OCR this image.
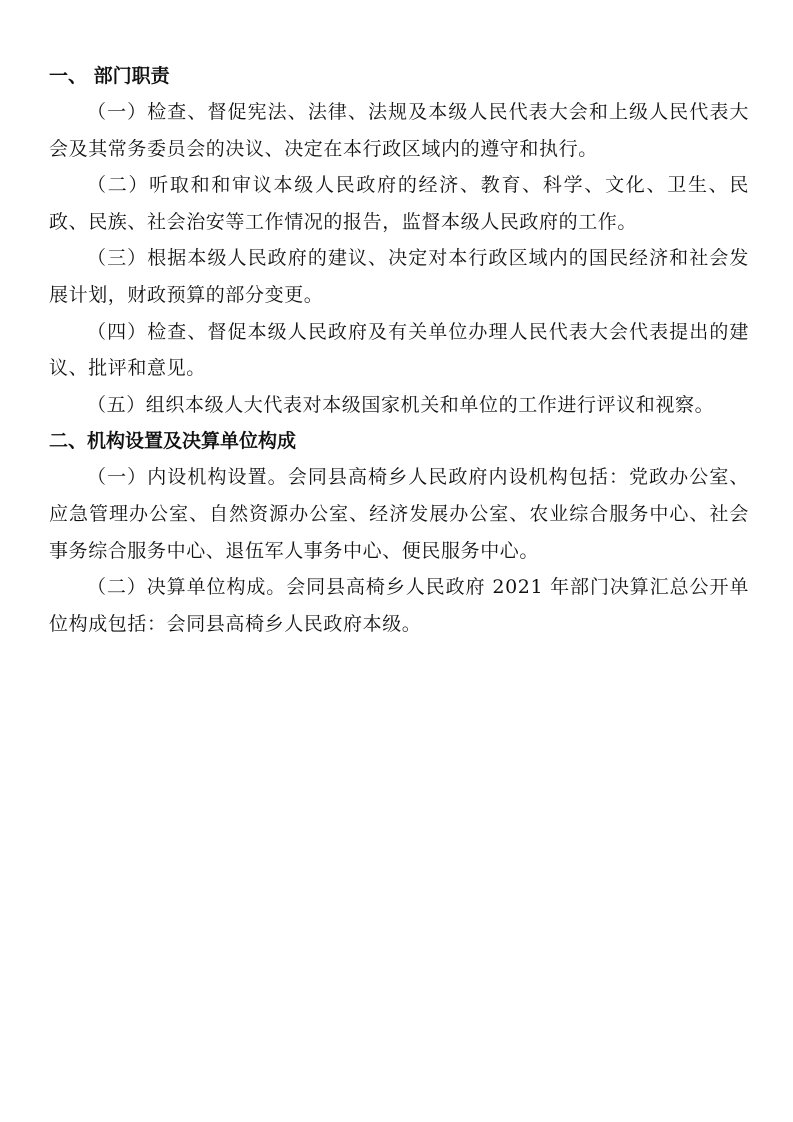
一、 部门职责

（一）检查、督促宪法、法律、法规及本级人民代表大会和上级人民代表大会及其常务委员会的决议、决定在本行政区域内的遵守和执行。

（二）听取和和审议本级人民政府的经济、教育、科学、文化、卫生、民政、民族、社会治安等工作情况的报告，监督本级人民政府的工作。

（三）根据本级人民政府的建议、决定对本行政区域内的国民经济和社会发展计划，财政预算的部分变更。

（四）检查、督促本级人民政府及有关单位办理人民代表大会代表提出的建议、批评和意见。

（五）组织本级人大代表对本级国家机关和单位的工作进行评议和视察。

二、机构设置及决算单位构成

（一）内设机构设置。会同县高椅乡人民政府内设机构包括：党政办公室、应急管理办公室、自然资源办公室、经济发展办公室、农业综合服务中心、社会事务综合服务中心、退伍军人事务中心、便民服务中心。

（二）决算单位构成。会同县高椅乡人民政府 2021 年部门决算汇总公开单位构成包括：会同县高椅乡人民政府本级。
